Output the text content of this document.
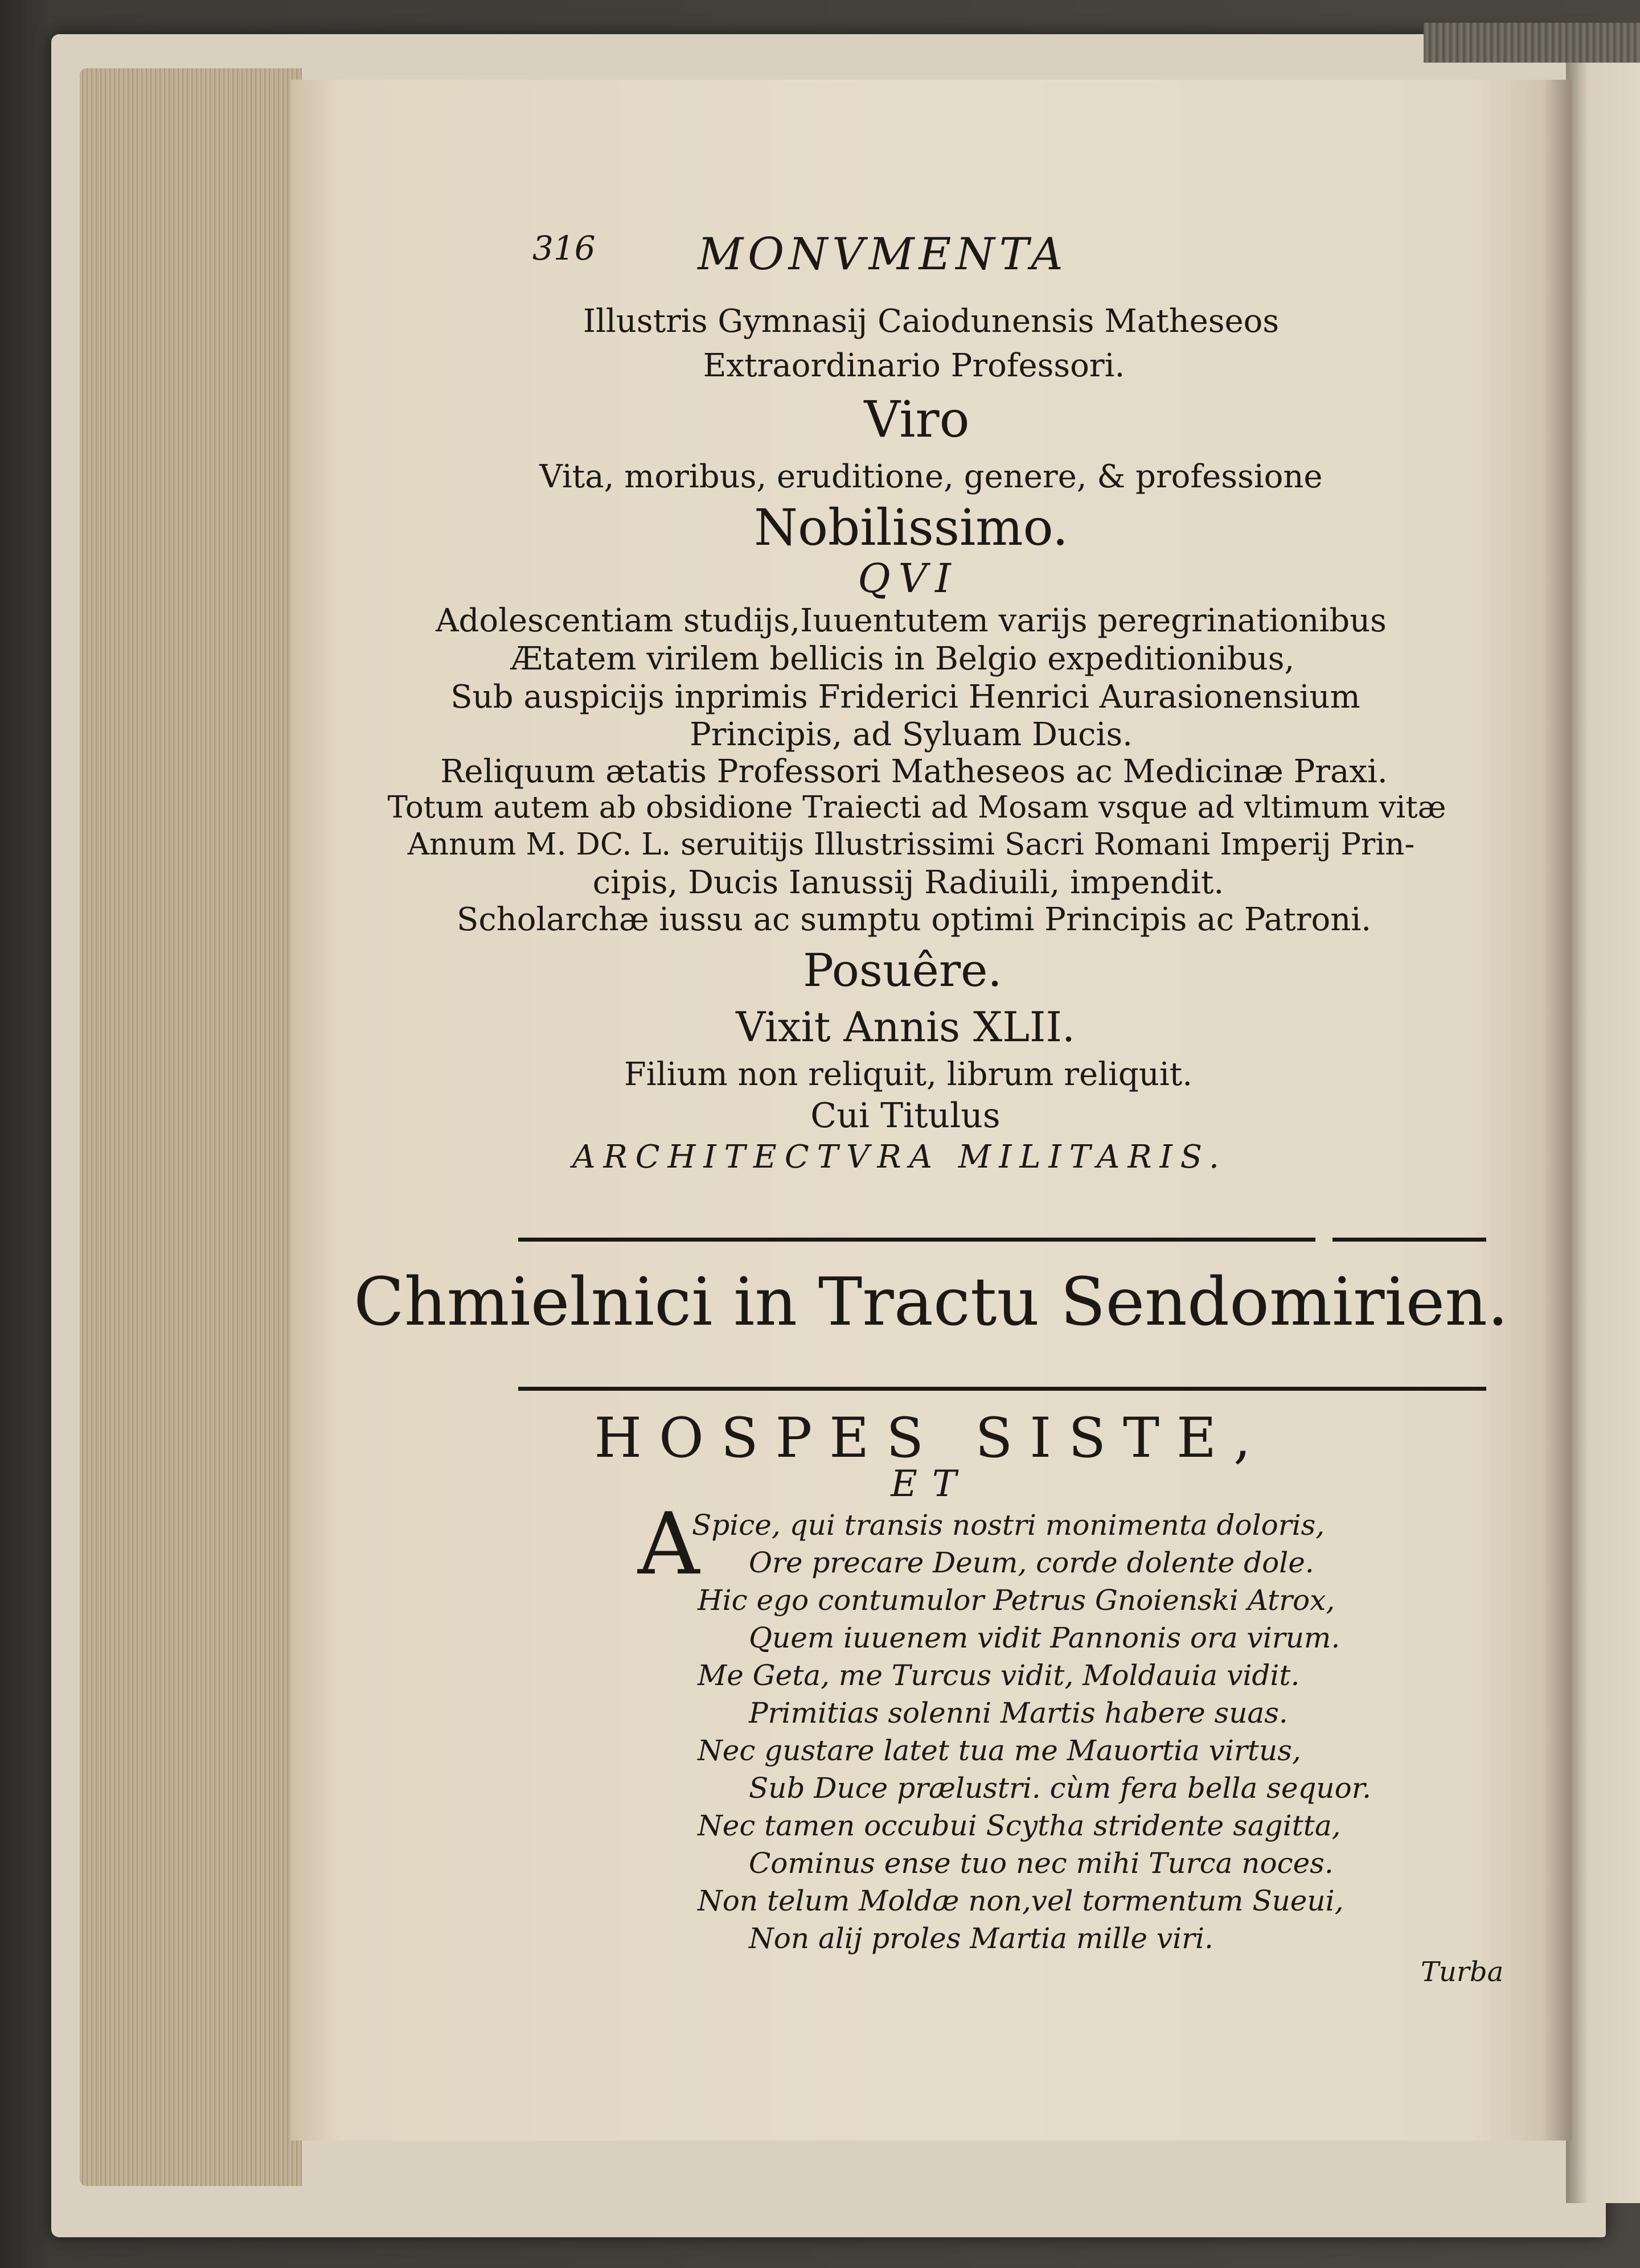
316	MONVMENTA
Illustris Gymnasij Caiodunensis Matheseos
Extraordinario Professori.
Viro
Vita, moribus, eruditione, genere, & professione
Nobilissimo.
QVI
Adolescentiam studijs,Iuuentutem varijs peregrinationibus
Ætatem virilem bellicis in Belgio expeditionibus,
Sub auspicijs inprimis Friderici Henrici Aurasionensium
Principis, ad Syluam Ducis.
Reliquum ætatis Professori Matheseos ac Medicinæ Praxi.
Totum autem ab obsidione Traiecti ad Mosam vsque ad vltimum vitæ
Annum M. DC. L. seruitijs Illustrissimi Sacri Romani Imperij Prin-
cipis, Ducis Ianussij Radiuili, impendit.
Scholarchæ iussu ac sumptu optimi Principis ac Patroni.
Posuêre.
Vixit Annis XLII.
Filium non reliquit, librum reliquit.
Cui Titulus
ARCHITECTVRA MILITARIS.
Chmielnici in Tractu Sendomirien.
HOSPES SISTE,
ET
A
Spice, qui transis nostri monimenta doloris,
Ore precare Deum, corde dolente dole.
Hic ego contumulor Petrus Gnoienski Atrox,
Quem iuuenem vidit Pannonis ora virum.
Me Geta, me Turcus vidit, Moldauia vidit.
Primitias solenni Martis habere suas.
Nec gustare latet tua me Mauortia virtus,
Sub Duce prælustri. cùm fera bella sequor.
Nec tamen occubui Scytha stridente sagitta,
Cominus ense tuo nec mihi Turca noces.
Non telum Moldæ non,vel tormentum Sueui,
Non alij proles Martia mille viri.
Turba
